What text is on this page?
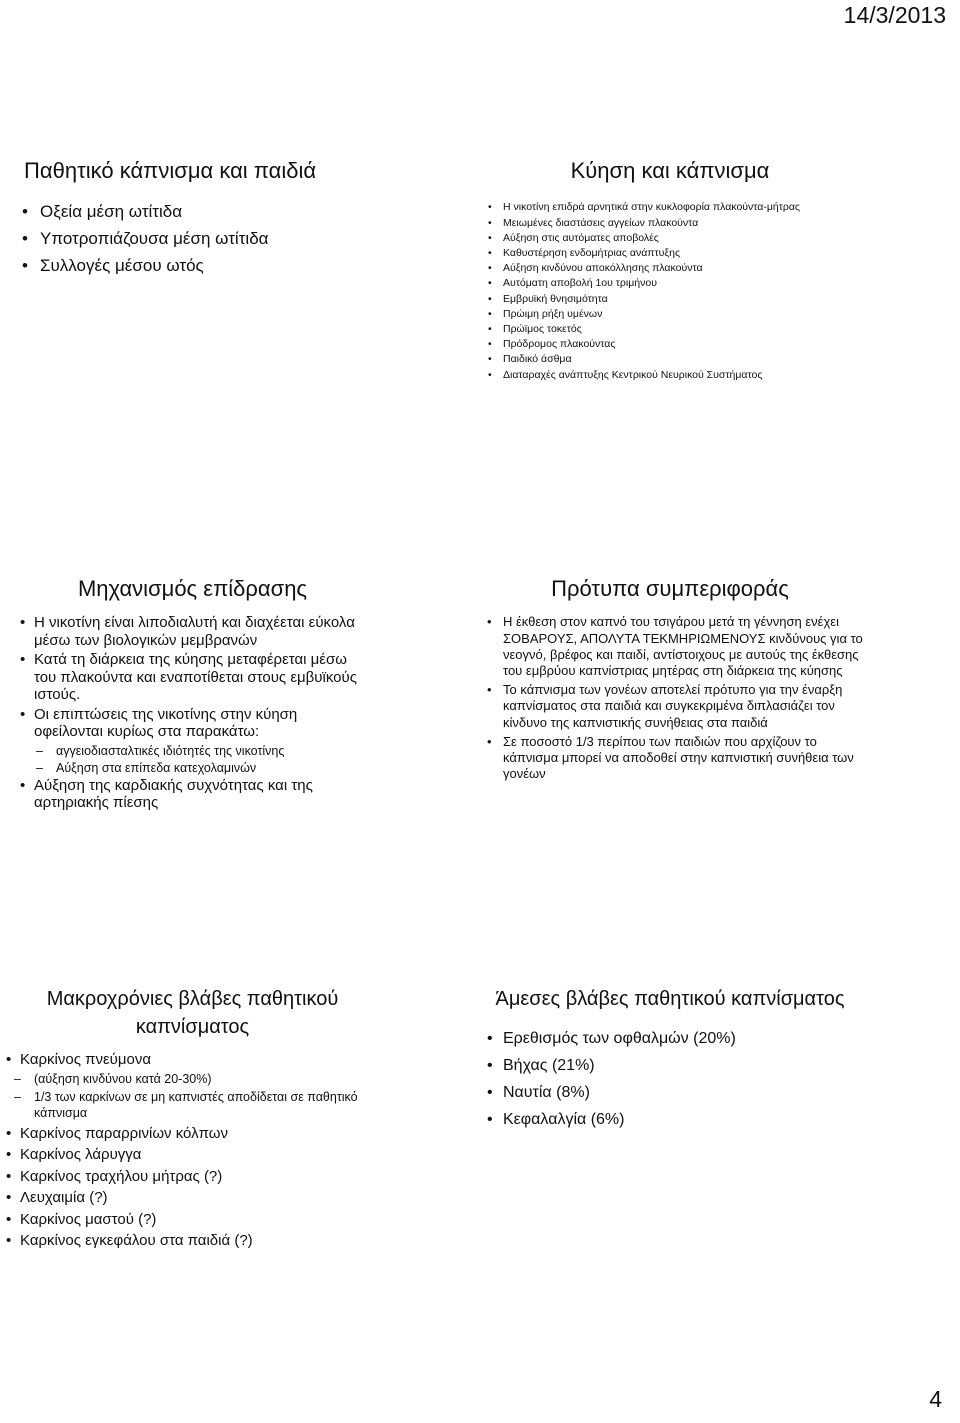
14/3/2013
Παθητικό κάπνισμα και παιδιά
• Οξεία μέση ωτίτιδα
• Υποτροπιάζουσα μέση ωτίτιδα
• Συλλογές μέσου ωτός
Κύηση και κάπνισμα
• Η νικοτίνη επιδρά αρνητικά στην κυκλοφορία πλακούντα-μήτρας
• Μειωμένες διαστάσεις αγγείων πλακούντα
• Αύξηση στις αυτόματες αποβολές
• Καθυστέρηση ενδομήτριας ανάπτυξης
• Αύξηση κινδύνου αποκόλλησης πλακούντα
• Αυτόματη αποβολή 1ου τριμήνου
• Εμβρυϊκή θνησιμότητα
• Πρώιμη ρήξη υμένων
• Πρώϊμος τοκετός
• Πρόδρομος πλακούντας
• Παιδικό άσθμα
• Διαταραχές ανάπτυξης Κεντρικού Νευρικού Συστήματος
Μηχανισμός επίδρασης
• Η νικοτίνη είναι λιποδιαλυτή και διαχέεται εύκολα μέσω των βιολογικών μεμβρανών
• Κατά τη διάρκεια της κύησης μεταφέρεται μέσω του πλακούντα και εναποτίθεται στους εμβυϊκούς ιστούς.
• Οι επιπτώσεις της νικοτίνης στην κύηση οφείλονται κυρίως στα παρακάτω:
– αγγειοδιασταλτικές ιδιότητές της νικοτίνης
– Αύξηση στα επίπεδα κατεχολαμινών
• Αύξηση της καρδιακής συχνότητας και της αρτηριακής πίεσης
Πρότυπα συμπεριφοράς
• Η έκθεση στον καπνό του τσιγάρου μετά τη γέννηση ενέχει ΣΟΒΑΡΟΥΣ, ΑΠΟΛΥΤΑ ΤΕΚΜΗΡΙΩΜΕΝΟΥΣ κινδύνους για το νεογνό, βρέφος και παιδί, αντίστοιχους με αυτούς της έκθεσης του εμβρύου καπνίστριας μητέρας στη διάρκεια της κύησης
• Το κάπνισμα των γονέων αποτελεί πρότυπο για την έναρξη καπνίσματος στα παιδιά και συγκεκριμένα διπλασιάζει τον κίνδυνο της καπνιστικής συνήθειας στα παιδιά
• Σε ποσοστό 1/3 περίπου των παιδιών που αρχίζουν το κάπνισμα μπορεί να αποδοθεί στην καπνιστική συνήθεια των γονέων
Μακροχρόνιες βλάβες παθητικού καπνίσματος
• Καρκίνος πνεύμονα
– (αύξηση κινδύνου κατά 20-30%)
– 1/3 των καρκίνων σε μη καπνιστές αποδίδεται σε παθητικό κάπνισμα
• Καρκίνος παραρρινίων κόλπων
• Καρκίνος λάρυγγα
• Καρκίνος τραχήλου μήτρας (?)
• Λευχαιμία (?)
• Καρκίνος μαστού (?)
• Καρκίνος εγκεφάλου στα παιδιά (?)
Άμεσες βλάβες παθητικού καπνίσματος
• Ερεθισμός των οφθαλμών (20%)
• Βήχας (21%)
• Ναυτία (8%)
• Κεφαλαλγία (6%)
4
